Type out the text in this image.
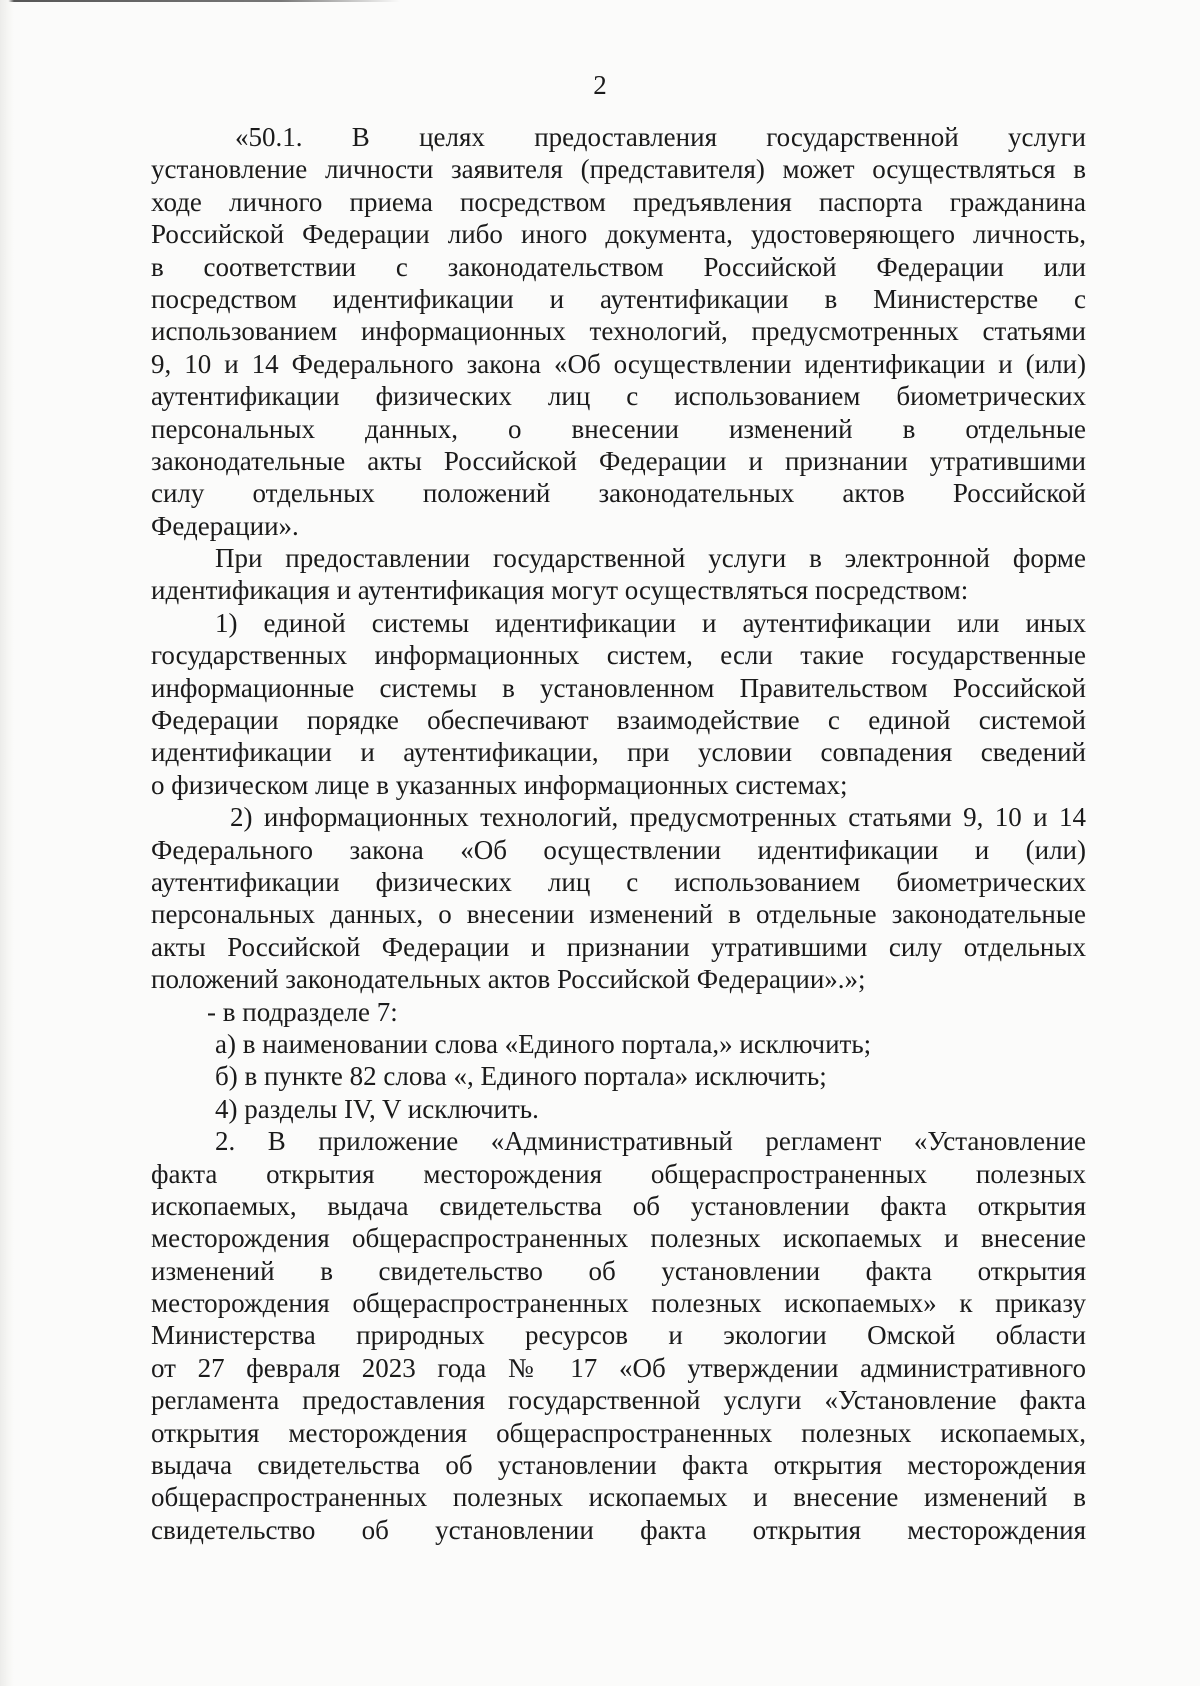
2
«50.1. В целях предоставления государственной услуги
установление личности заявителя (представителя) может осуществляться в
ходе личного приема посредством предъявления паспорта гражданина
Российской Федерации либо иного документа, удостоверяющего личность,
в соответствии с законодательством Российской Федерации или
посредством идентификации и аутентификации в Министерстве с
использованием информационных технологий, предусмотренных статьями
9, 10 и 14 Федерального закона «Об осуществлении идентификации и (или)
аутентификации физических лиц с использованием биометрических
персональных данных, о внесении изменений в отдельные
законодательные акты Российской Федерации и признании утратившими
силу отдельных положений законодательных актов Российской
Федерации».
При предоставлении государственной услуги в электронной форме
идентификация и аутентификация могут осуществляться посредством:
1) единой системы идентификации и аутентификации или иных
государственных информационных систем, если такие государственные
информационные системы в установленном Правительством Российской
Федерации порядке обеспечивают взаимодействие с единой системой
идентификации и аутентификации, при условии совпадения сведений
о физическом лице в указанных информационных системах;
2) информационных технологий, предусмотренных статьями 9, 10 и 14
Федерального закона «Об осуществлении идентификации и (или)
аутентификации физических лиц с использованием биометрических
персональных данных, о внесении изменений в отдельные законодательные
акты Российской Федерации и признании утратившими силу отдельных
положений законодательных актов Российской Федерации».»;
- в подразделе 7:
а) в наименовании слова «Единого портала,» исключить;
б) в пункте 82 слова «, Единого портала» исключить;
4) разделы IV, V исключить.
2. В приложение «Административный регламент «Установление
факта открытия месторождения общераспространенных полезных
ископаемых, выдача свидетельства об установлении факта открытия
месторождения общераспространенных полезных ископаемых и внесение
изменений в свидетельство об установлении факта открытия
месторождения общераспространенных полезных ископаемых» к приказу
Министерства природных ресурсов и экологии Омской области
от 27 февраля 2023 года № 17 «Об утверждении административного
регламента предоставления государственной услуги «Установление факта
открытия месторождения общераспространенных полезных ископаемых,
выдача свидетельства об установлении факта открытия месторождения
общераспространенных полезных ископаемых и внесение изменений в
свидетельство об установлении факта открытия месторождения
